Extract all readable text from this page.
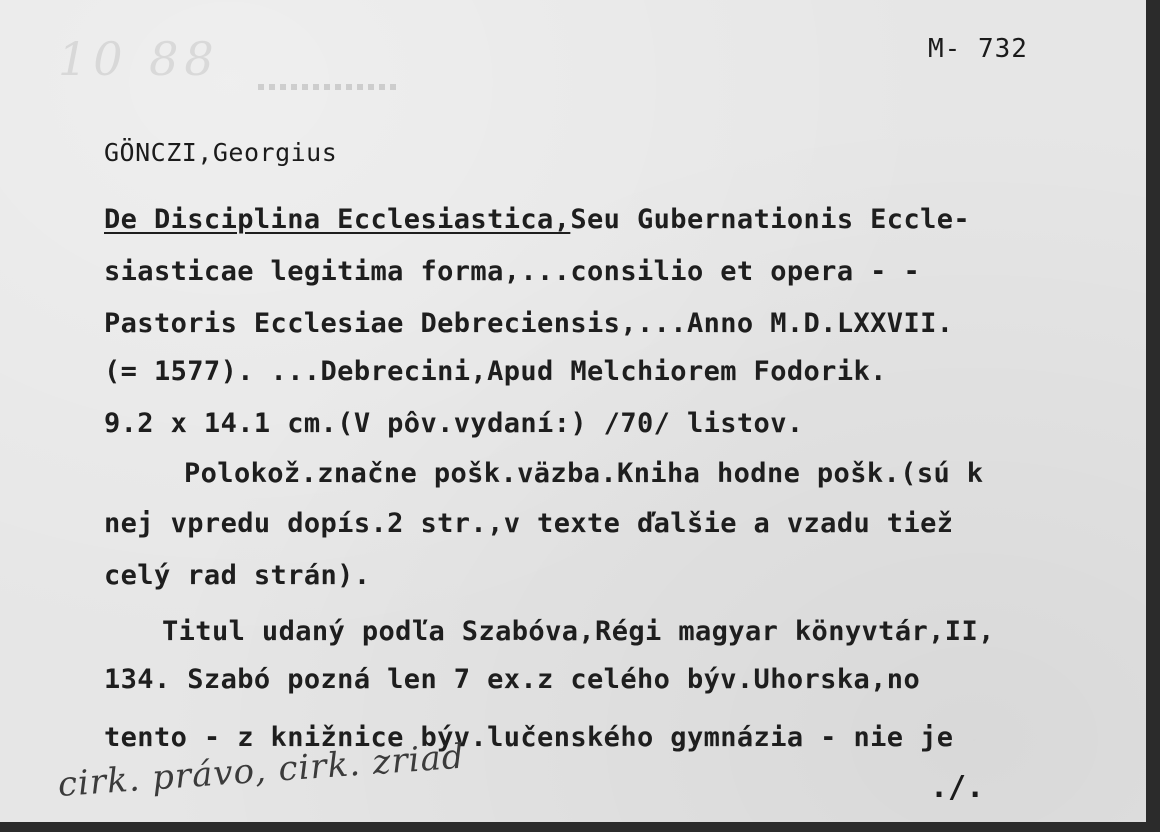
10 88	M- 732
GÖNCZI,Georgius
De Disciplina Ecclesiastica,Seu Gubernationis Eccle-
siasticae legitima forma,...consilio et opera - -
Pastoris Ecclesiae Debreciensis,...Anno M.D.LXXVII.
(= 1577). ...Debrecini,Apud Melchiorem Fodorik.
9.2 x 14.1 cm.(V pôv.vydaní:) /70/ listov.
Polokož.značne pošk.väzba.Kniha hodne pošk.(sú k
nej vpredu dopís.2 str.,v texte ďalšie a vzadu tiež
celý rad strán).
Titul udaný podľa Szabóva,Régi magyar könyvtár,II,
134. Szabó pozná len 7 ex.z celého býv.Uhorska,no
tento - z knižnice býv.lučenského gymnázia - nie je
cirk. právo, cirk. zriad	./.
